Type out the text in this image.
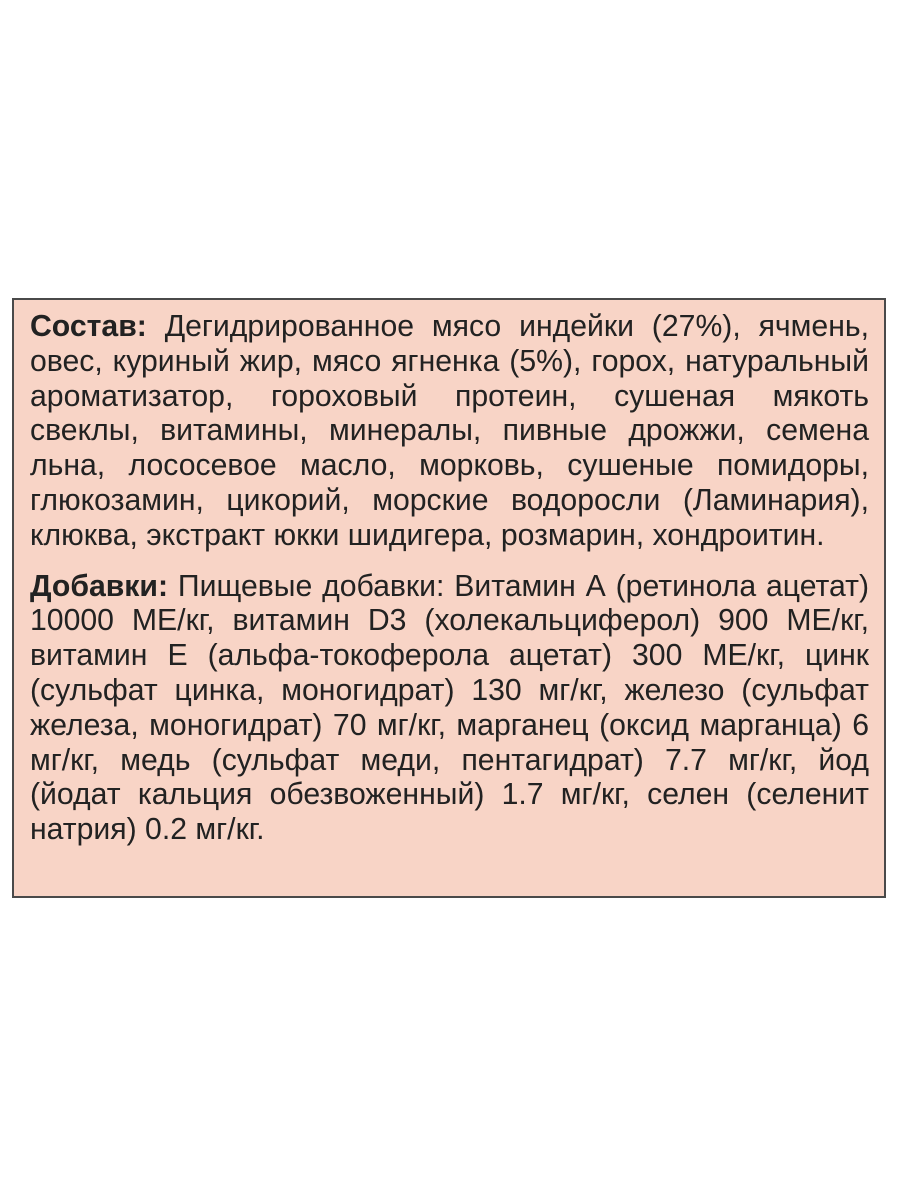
Состав: Дегидрированное мясо индейки (27%), ячмень, овес, куриный жир, мясо ягненка (5%), горох, натуральный ароматизатор, гороховый протеин, сушеная мякоть свеклы, витамины, минералы, пивные дрожжи, семена льна, лососевое масло, морковь, сушеные помидоры, глюкозамин, цикорий, морские водоросли (Ламинария), клюква, экстракт юкки шидигера, розмарин, хондроитин.

Добавки: Пищевые добавки: Витамин А (ретинола ацетат) 10000 МЕ/кг, витамин D3 (холекальциферол) 900 МЕ/кг, витамин Е (альфа-токоферола ацетат) 300 МЕ/кг, цинк (сульфат цинка, моногидрат) 130 мг/кг, железо (сульфат железа, моногидрат) 70 мг/кг, марганец (оксид марганца) 6 мг/кг, медь (сульфат меди, пентагидрат) 7.7 мг/кг, йод (йодат кальция обезвоженный) 1.7 мг/кг, селен (селенит натрия) 0.2 мг/кг.
